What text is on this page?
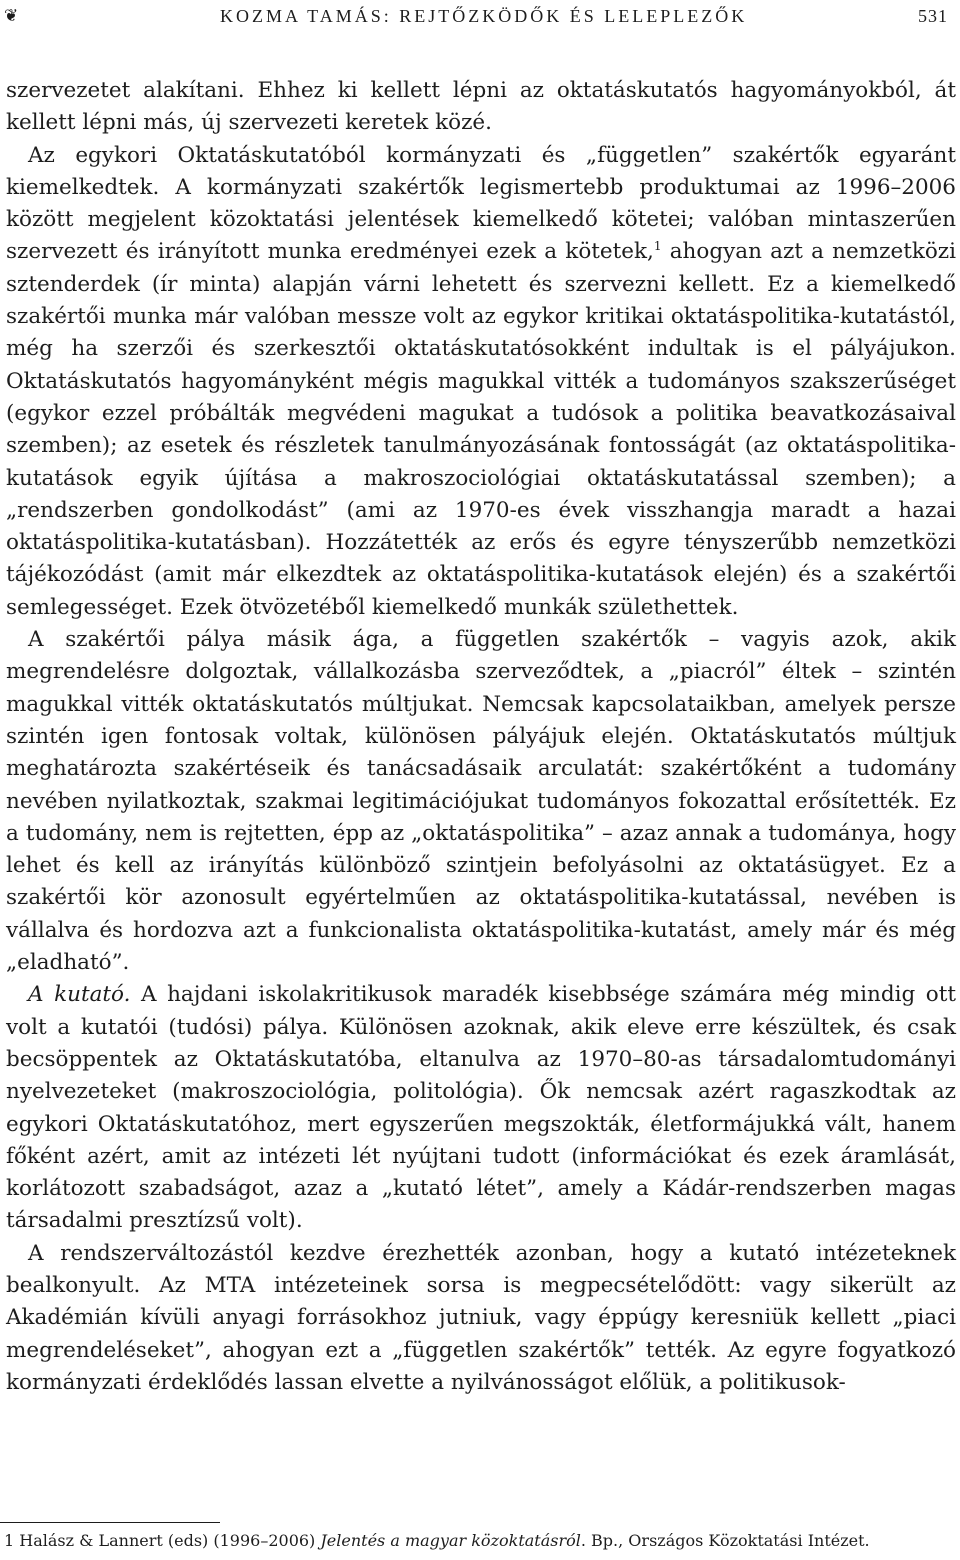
❦	KOZMA TAMÁS: REJTŐZKÖDŐK ÉS LELEPLEZŐK	531

szervezetet alakítani. Ehhez ki kellett lépni az oktatáskutatós hagyományokból, át kellett lépni más, új szervezeti keretek közé.

Az egykori Oktatáskutatóból kormányzati és „független” szakértők egyaránt kiemelkedtek. A kormányzati szakértők legismertebb produktumai az 1996–2006 között megjelent közoktatási jelentések kiemelkedő kötetei; valóban mintaszerűen szervezett és irányított munka eredményei ezek a kötetek,$^1$ ahogyan azt a nemzetközi sztenderdek (ír minta) alapján várni lehetett és szervezni kellett. Ez a kiemelkedő szakértői munka már valóban messze volt az egykor kritikai oktatáspolitika-kutatástól, még ha szerzői és szerkesztői oktatáskutatósokként indultak is el pályájukon. Oktatáskutatós hagyományként mégis magukkal vitték a tudományos szakszerűséget (egykor ezzel próbálták megvédeni magukat a tudósok a politika beavatkozásaival szemben); az esetek és részletek tanulmányozásának fontosságát (az oktatáspolitika-kutatások egyik újítása a makroszociológiai oktatáskutatással szemben); a „rendszerben gondolkodást” (ami az 1970-es évek visszhangja maradt a hazai oktatáspolitika-kutatásban). Hozzátették az erős és egyre tényszerűbb nemzetközi tájékozódást (amit már elkezdtek az oktatáspolitika-kutatások elején) és a szakértői semlegességet. Ezek ötvözetéből kiemelkedő munkák születhettek.

A szakértői pálya másik ága, a független szakértők – vagyis azok, akik megrendelésre dolgoztak, vállalkozásba szerveződtek, a „piacról” éltek – szintén magukkal vitték oktatáskutatós múltjukat. Nemcsak kapcsolataikban, amelyek persze szintén igen fontosak voltak, különösen pályájuk elején. Oktatáskutatós múltjuk meghatározta szakértéseik és tanácsadásaik arculatát: szakértőként a tudomány nevében nyilatkoztak, szakmai legitimációjukat tudományos fokozattal erősítették. Ez a tudomány, nem is rejtetten, épp az „oktatáspolitika” – azaz annak a tudománya, hogy lehet és kell az irányítás különböző szintjein befolyásolni az oktatásügyet. Ez a szakértői kör azonosult egyértelműen az oktatáspolitika-kutatással, nevében is vállalva és hordozva azt a funkcionalista oktatáspolitika-kutatást, amely már és még „eladható”.

A kutató. A hajdani iskolakritikusok maradék kisebbsége számára még mindig ott volt a kutatói (tudósi) pálya. Különösen azoknak, akik eleve erre készültek, és csak becsöppentek az Oktatáskutatóba, eltanulva az 1970–80-as társadalomtudományi nyelvezeteket (makroszociológia, politológia). Ők nemcsak azért ragaszkodtak az egykori Oktatáskutatóhoz, mert egyszerűen megszokták, életformájukká vált, hanem főként azért, amit az intézeti lét nyújtani tudott (információkat és ezek áramlását, korlátozott szabadságot, azaz a „kutató létet”, amely a Kádár-rendszerben magas társadalmi presztízsű volt).

A rendszerváltozástól kezdve érezhették azonban, hogy a kutató intézeteknek bealkonyult. Az MTA intézeteinek sorsa is megpecsételődött: vagy sikerült az Akadémián kívüli anyagi forrásokhoz jutniuk, vagy éppúgy keresniük kellett „piaci megrendeléseket”, ahogyan ezt a „független szakértők” tették. Az egyre fogyatkozó kormányzati érdeklődés lassan elvette a nyilvánosságot előlük, a politikusok-

1 Halász & Lannert (eds) (1996–2006) Jelentés a magyar közoktatásról. Bp., Országos Közoktatási Intézet.
